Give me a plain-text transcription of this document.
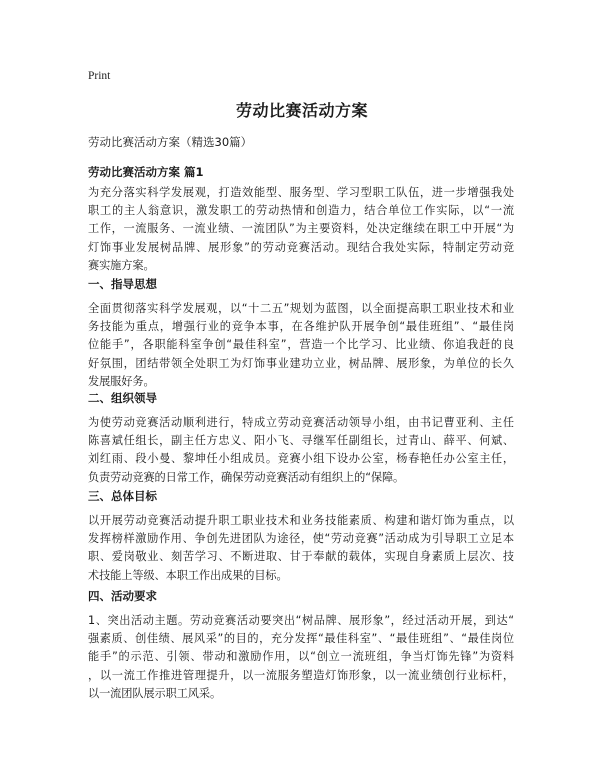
Print
劳动比赛活动方案

劳动比赛活动方案（精选30篇）

劳动比赛活动方案 篇1

为充分落实科学发展观，打造效能型、服务型、学习型职工队伍，进一步增强我处
职工的主人翁意识，激发职工的劳动热情和创造力，结合单位工作实际，以“一流
工作，一流服务、一流业绩、一流团队”为主要资料，处决定继续在职工中开展“为
灯饰事业发展树品牌、展形象”的劳动竞赛活动。现结合我处实际，特制定劳动竞
赛实施方案。

一、指导思想

全面贯彻落实科学发展观，以“十二五”规划为蓝图，以全面提高职工职业技术和业
务技能为重点，增强行业的竞争本事，在各维护队开展争创“最佳班组”、“最佳岗
位能手”，各职能科室争创“最佳科室”，营造一个比学习、比业绩、你追我赶的良
好氛围，团结带领全处职工为灯饰事业建功立业，树品牌、展形象，为单位的长久
发展服好务。

二、组织领导

为使劳动竞赛活动顺利进行，特成立劳动竞赛活动领导小组，由书记曹亚利、主任
陈喜斌任组长，副主任方忠义、阳小飞、寻继军任副组长，过青山、薛平、何斌、
刘红雨、段小曼、黎坤任小组成员。竞赛小组下设办公室，杨春艳任办公室主任，
负责劳动竞赛的日常工作，确保劳动竞赛活动有组织上的“保障。

三、总体目标

以开展劳动竞赛活动提升职工职业技术和业务技能素质、构建和谐灯饰为重点，以
发挥榜样激励作用、争创先进团队为途径，使“劳动竞赛”活动成为引导职工立足本
职、爱岗敬业、刻苦学习、不断进取、甘于奉献的载体，实现自身素质上层次、技
术技能上等级、本职工作出成果的目标。

四、活动要求

1、突出活动主题。劳动竞赛活动要突出“树品牌、展形象”，经过活动开展，到达“
强素质、创佳绩、展风采”的目的，充分发挥“最佳科室”、“最佳班组”、“最佳岗位
能手”的示范、引领、带动和激励作用，以“创立一流班组，争当灯饰先锋”为资料
，以一流工作推进管理提升，以一流服务塑造灯饰形象，以一流业绩创行业标杆，
以一流团队展示职工风采。
